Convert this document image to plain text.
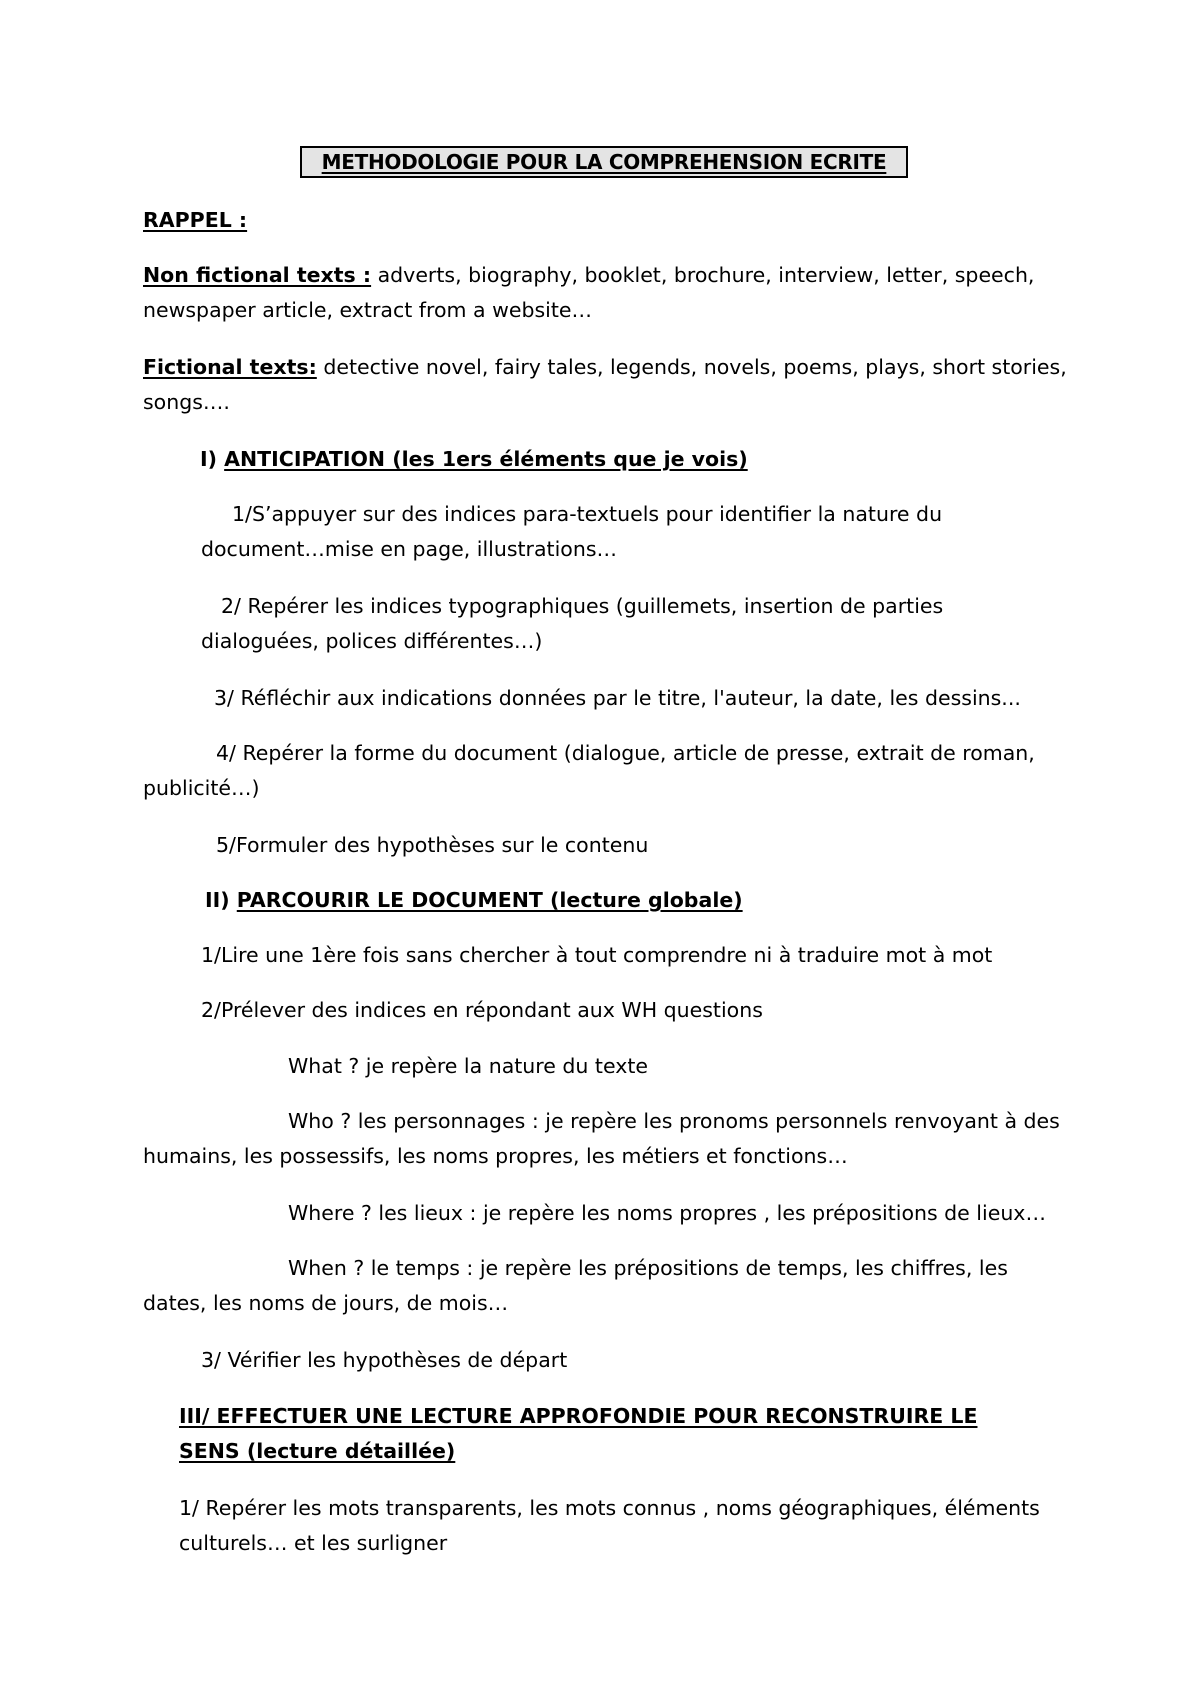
METHODOLOGIE POUR LA COMPREHENSION ECRITE
RAPPEL :
Non fictional texts : adverts, biography, booklet, brochure, interview, letter, speech,
newspaper article, extract from a website…
Fictional texts: detective novel, fairy tales, legends, novels, poems, plays, short stories,
songs….
I) ANTICIPATION (les 1ers éléments que je vois)
1/S’appuyer sur des indices para-textuels pour identifier la nature du
document…mise en page, illustrations…
2/ Repérer les indices typographiques (guillemets, insertion de parties
dialoguées, polices différentes…)
3/ Réfléchir aux indications données par le titre, l'auteur, la date, les dessins...
4/ Repérer la forme du document (dialogue, article de presse, extrait de roman,
publicité…)
5/Formuler des hypothèses sur le contenu
II) PARCOURIR LE DOCUMENT (lecture globale)
1/Lire une 1ère fois sans chercher à tout comprendre ni à traduire mot à mot
2/Prélever des indices en répondant aux WH questions
What ? je repère la nature du texte
Who ? les personnages : je repère les pronoms personnels renvoyant à des
humains, les possessifs, les noms propres, les métiers et fonctions…
Where ? les lieux : je repère les noms propres , les prépositions de lieux…
When ? le temps : je repère les prépositions de temps, les chiffres, les
dates, les noms de jours, de mois…
3/ Vérifier les hypothèses de départ
III/ EFFECTUER UNE LECTURE APPROFONDIE POUR RECONSTRUIRE LE
SENS (lecture détaillée)
1/ Repérer les mots transparents, les mots connus , noms géographiques, éléments
culturels… et les surligner
